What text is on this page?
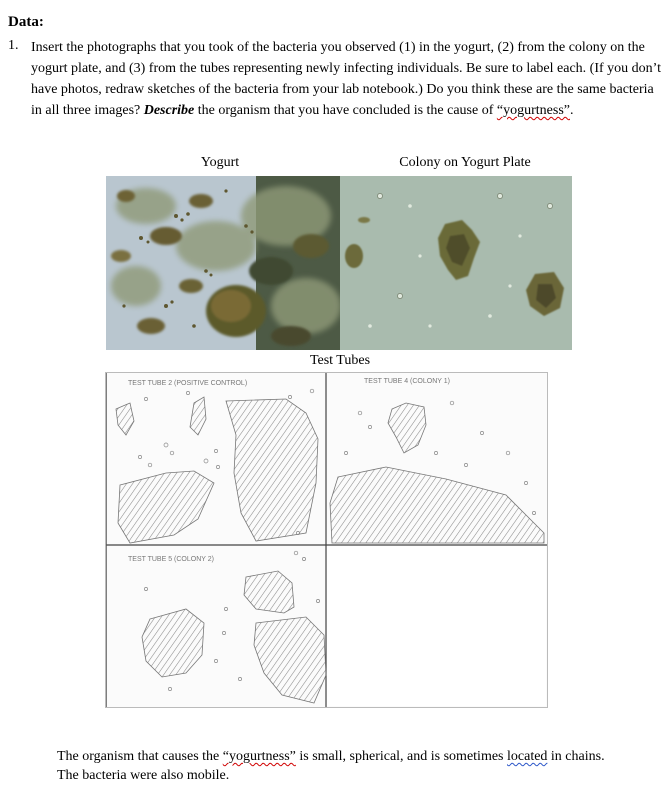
Data:
1. Insert the photographs that you took of the bacteria you observed (1) in the yogurt, (2) from the colony on the yogurt plate, and (3) from the tubes representing newly infecting individuals. Be sure to label each. (If you don’t have photos, redraw sketches of the bacteria from your lab notebook.) Do you think these are the same bacteria in all three images? Describe the organism that you have concluded is the cause of “yogurtness”.
Yogurt	Colony on Yogurt Plate
Test Tubes
TEST TUBE 2 (POSITIVE CONTROL)	TEST TUBE 4 (COLONY 1)
TEST TUBE 5 (COLONY 2)
The organism that causes the “yogurtness” is small, spherical, and is sometimes located in chains. The bacteria were also mobile.
